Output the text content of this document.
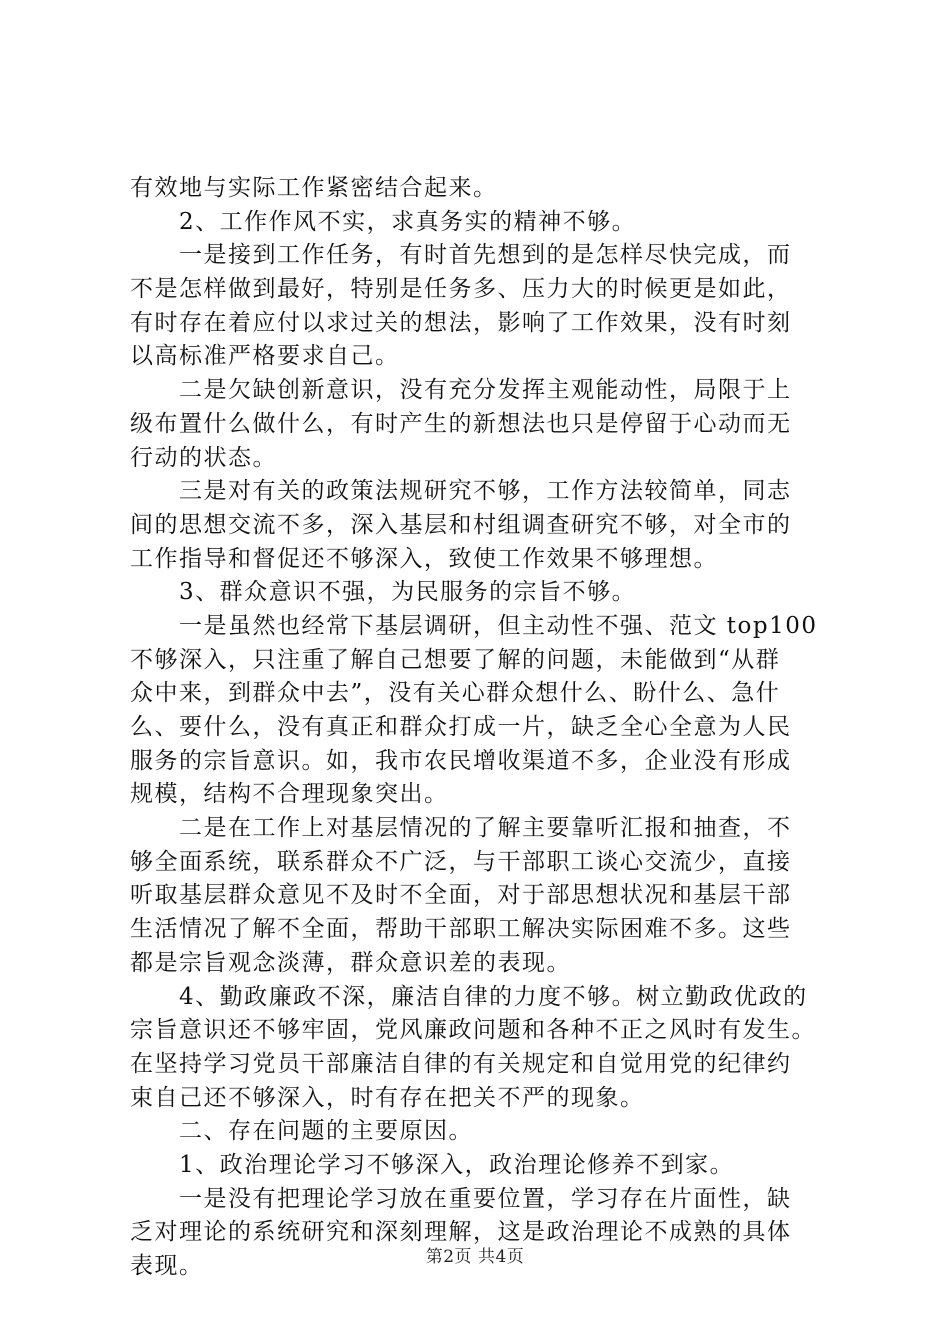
有效地与实际工作紧密结合起来。
　　2、工作作风不实，求真务实的精神不够。
　　一是接到工作任务，有时首先想到的是怎样尽快完成，而
不是怎样做到最好，特别是任务多、压力大的时候更是如此，
有时存在着应付以求过关的想法，影响了工作效果，没有时刻
以高标准严格要求自己。
　　二是欠缺创新意识，没有充分发挥主观能动性，局限于上
级布置什么做什么，有时产生的新想法也只是停留于心动而无
行动的状态。
　　三是对有关的政策法规研究不够，工作方法较简单，同志
间的思想交流不多，深入基层和村组调查研究不够，对全市的
工作指导和督促还不够深入，致使工作效果不够理想。
　　3、群众意识不强，为民服务的宗旨不够。
　　一是虽然也经常下基层调研，但主动性不强、范文 top100
不够深入，只注重了解自己想要了解的问题，未能做到“从群
众中来，到群众中去”，没有关心群众想什么、盼什么、急什
么、要什么，没有真正和群众打成一片，缺乏全心全意为人民
服务的宗旨意识。如，我市农民增收渠道不多，企业没有形成
规模，结构不合理现象突出。
　　二是在工作上对基层情况的了解主要靠听汇报和抽查，不
够全面系统，联系群众不广泛，与干部职工谈心交流少，直接
听取基层群众意见不及时不全面，对于部思想状况和基层干部
生活情况了解不全面，帮助干部职工解决实际困难不多。这些
都是宗旨观念淡薄，群众意识差的表现。
　　4、勤政廉政不深，廉洁自律的力度不够。树立勤政优政的
宗旨意识还不够牢固，党风廉政问题和各种不正之风时有发生。
在坚持学习党员干部廉洁自律的有关规定和自觉用党的纪律约
束自己还不够深入，时有存在把关不严的现象。
　　二、存在问题的主要原因。
　　1、政治理论学习不够深入，政治理论修养不到家。
　　一是没有把理论学习放在重要位置，学习存在片面性，缺
乏对理论的系统研究和深刻理解，这是政治理论不成熟的具体
表现。	第2页 共4页
